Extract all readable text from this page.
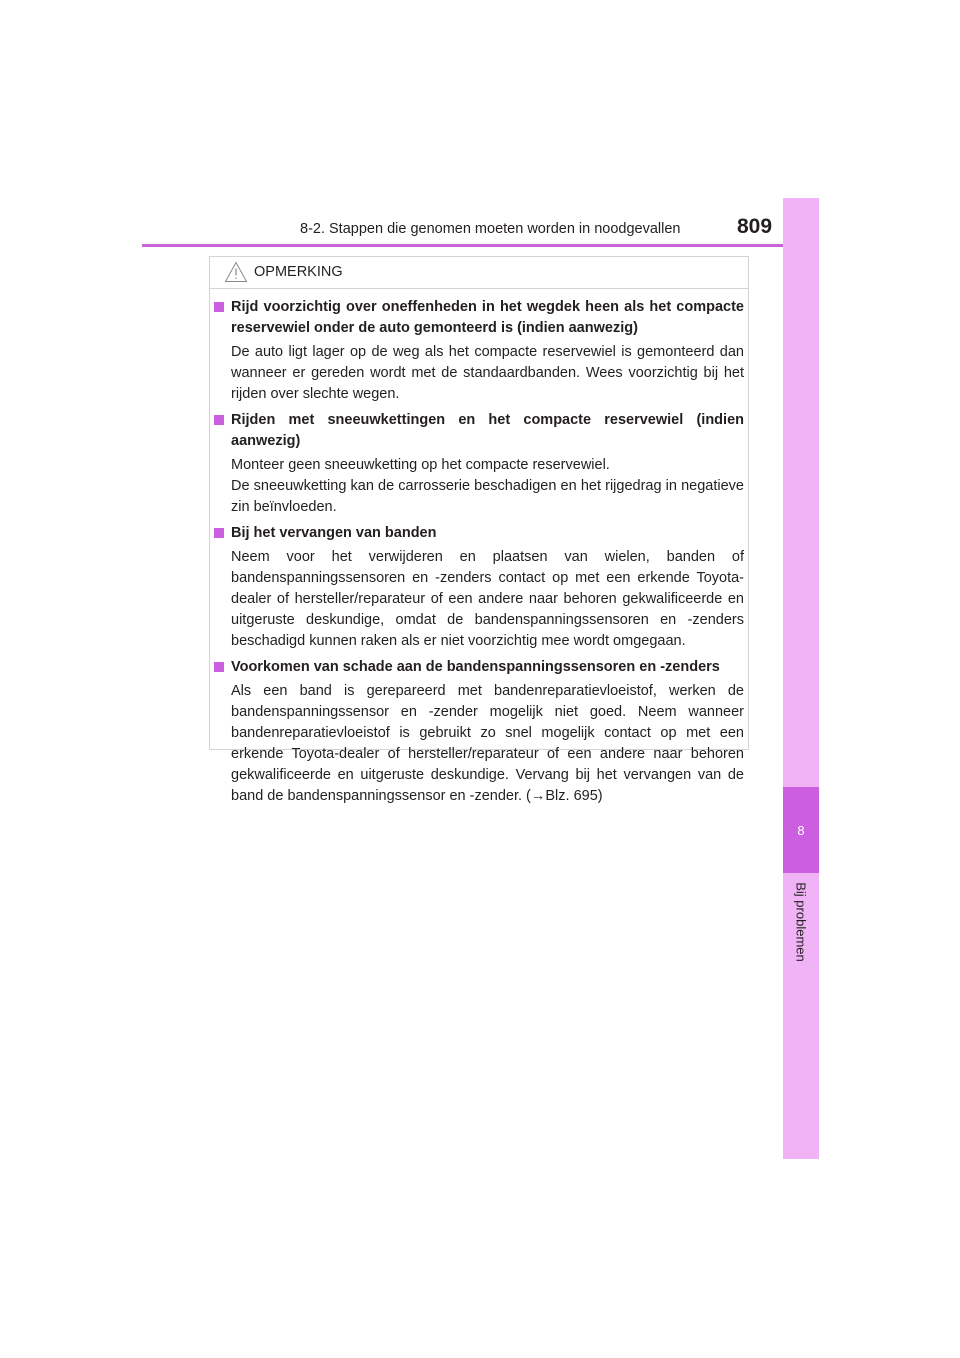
8-2. Stappen die genomen moeten worden in noodgevallen	809
8
Bij problemen
OPMERKING
Rijd voorzichtig over oneffenheden in het wegdek heen als het compacte reservewiel onder de auto gemonteerd is (indien aanwezig)
De auto ligt lager op de weg als het compacte reservewiel is gemonteerd dan wanneer er gereden wordt met de standaardbanden. Wees voorzichtig bij het rijden over slechte wegen.
Rijden met sneeuwkettingen en het compacte reservewiel (indien aanwezig)
Monteer geen sneeuwketting op het compacte reservewiel.
De sneeuwketting kan de carrosserie beschadigen en het rijgedrag in negatieve zin beïnvloeden.
Bij het vervangen van banden
Neem voor het verwijderen en plaatsen van wielen, banden of bandenspanningssensoren en -zenders contact op met een erkende Toyota-dealer of hersteller/reparateur of een andere naar behoren gekwalificeerde en uitgeruste deskundige, omdat de bandenspanningssensoren en -zenders beschadigd kunnen raken als er niet voorzichtig mee wordt omgegaan.
Voorkomen van schade aan de bandenspanningssensoren en -zenders
Als een band is gerepareerd met bandenreparatievloeistof, werken de bandenspanningssensor en -zender mogelijk niet goed. Neem wanneer bandenreparatievloeistof is gebruikt zo snel mogelijk contact op met een erkende Toyota-dealer of hersteller/reparateur of een andere naar behoren gekwalificeerde en uitgeruste deskundige. Vervang bij het vervangen van de band de bandenspanningssensor en -zender. (→Blz. 695)
